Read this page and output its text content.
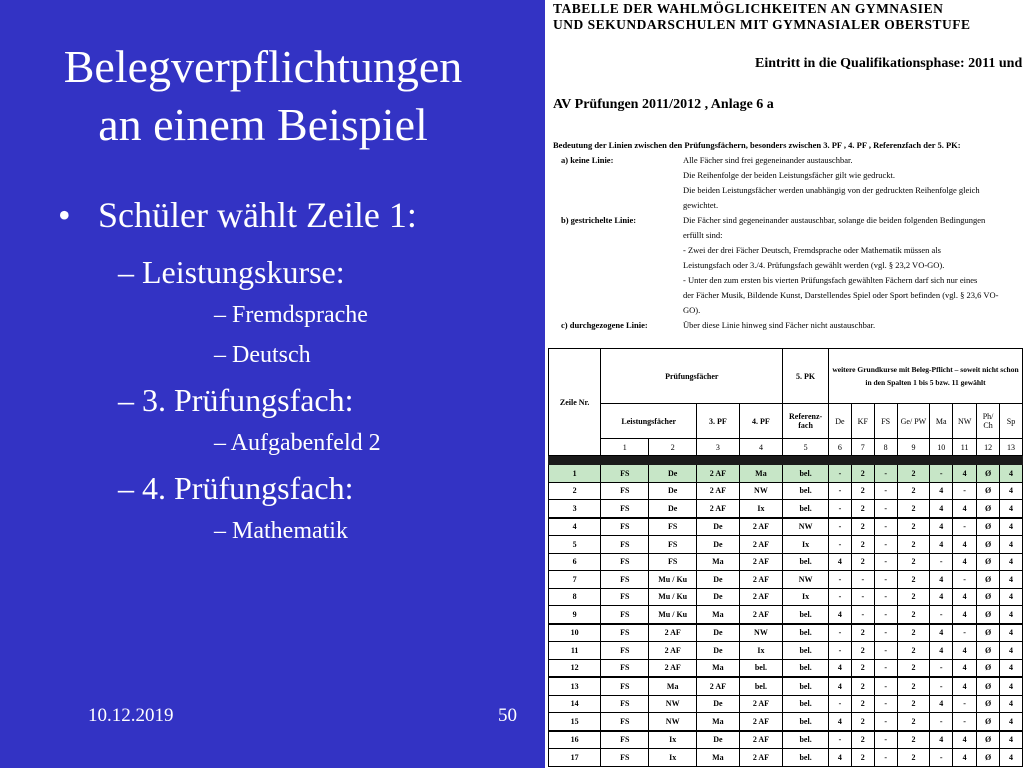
Belegverpflichtungen
an einem Beispiel
• Schüler wählt Zeile 1:
– Leistungskurse:
– Fremdsprache
– Deutsch
– 3. Prüfungsfach:
– Aufgabenfeld 2
– 4. Prüfungsfach:
– Mathematik
10.12.2019	50
TABELLE DER WAHLMÖGLICHKEITEN AN GYMNASIEN
UND SEKUNDARSCHULEN MIT GYMNASIALER OBERSTUFE
Eintritt in die Qualifikationsphase: 2011 und
AV Prüfungen 2011/2012 , Anlage 6 a
Bedeutung der Linien zwischen den Prüfungsfächern, besonders zwischen 3. PF , 4. PF , Referenzfach der 5. PK:
a) keine Linie:	Alle Fächer sind frei gegeneinander austauschbar.
Die Reihenfolge der beiden Leistungsfächer gilt wie gedruckt.
Die beiden Leistungsfächer werden unabhängig von der gedruckten Reihenfolge gleich
gewichtet.
b) gestrichelte Linie:	Die Fächer sind gegeneinander austauschbar, solange die beiden folgenden Bedingungen
erfüllt sind:
- Zwei der drei Fächer Deutsch, Fremdsprache oder Mathematik müssen als
Leistungsfach oder 3./4. Prüfungsfach gewählt werden (vgl. § 23,2 VO-GO).
- Unter den zum ersten bis vierten Prüfungsfach gewählten Fächern darf sich nur eines
der Fächer Musik, Bildende Kunst, Darstellendes Spiel oder Sport befinden (vgl. § 23,6 VO-
GO).
c) durchgezogene Linie:	Über diese Linie hinweg sind Fächer nicht austauschbar.
Zeile Nr.	Prüfungsfächer				5. PK	weitere Grundkurse mit Beleg-Pflicht – soweit nicht schon in den Spalten 1 bis 5 bzw. 11 gewählt							
	Leistungsfächer		3. PF	4. PF	Referenz-fach	De	KF	FS	Ge/ PW	Ma	NW	Ph/ Ch	Sp
	1	2	3	4	5	6	7	8	9	10	11	12	13

1	FS	De	2 AF	Ma	bel.	-	2	-	2	-	4	Ø	4
2	FS	De	2 AF	NW	bel.	-	2	-	2	4	-	Ø	4
3	FS	De	2 AF	Ix	bel.	-	2	-	2	4	4	Ø	4
4	FS	FS	De	2 AF	NW	-	2	-	2	4	-	Ø	4
5	FS	FS	De	2 AF	Ix	-	2	-	2	4	4	Ø	4
6	FS	FS	Ma	2 AF	bel.	4	2	-	2	-	4	Ø	4
7	FS	Mu / Ku	De	2 AF	NW	-	-	-	2	4	-	Ø	4
8	FS	Mu / Ku	De	2 AF	Ix	-	-	-	2	4	4	Ø	4
9	FS	Mu / Ku	Ma	2 AF	bel.	4	-	-	2	-	4	Ø	4
10	FS	2 AF	De	NW	bel.	-	2	-	2	4	-	Ø	4
11	FS	2 AF	De	Ix	bel.	-	2	-	2	4	4	Ø	4
12	FS	2 AF	Ma	bel.	bel.	4	2	-	2	-	4	Ø	4
13	FS	Ma	2 AF	bel.	bel.	4	2	-	2	-	4	Ø	4
14	FS	NW	De	2 AF	bel.	-	2	-	2	4	-	Ø	4
15	FS	NW	Ma	2 AF	bel.	4	2	-	2	-	-	Ø	4
16	FS	Ix	De	2 AF	bel.	-	2	-	2	4	4	Ø	4
17	FS	Ix	Ma	2 AF	bel.	4	2	-	2	-	4	Ø	4
